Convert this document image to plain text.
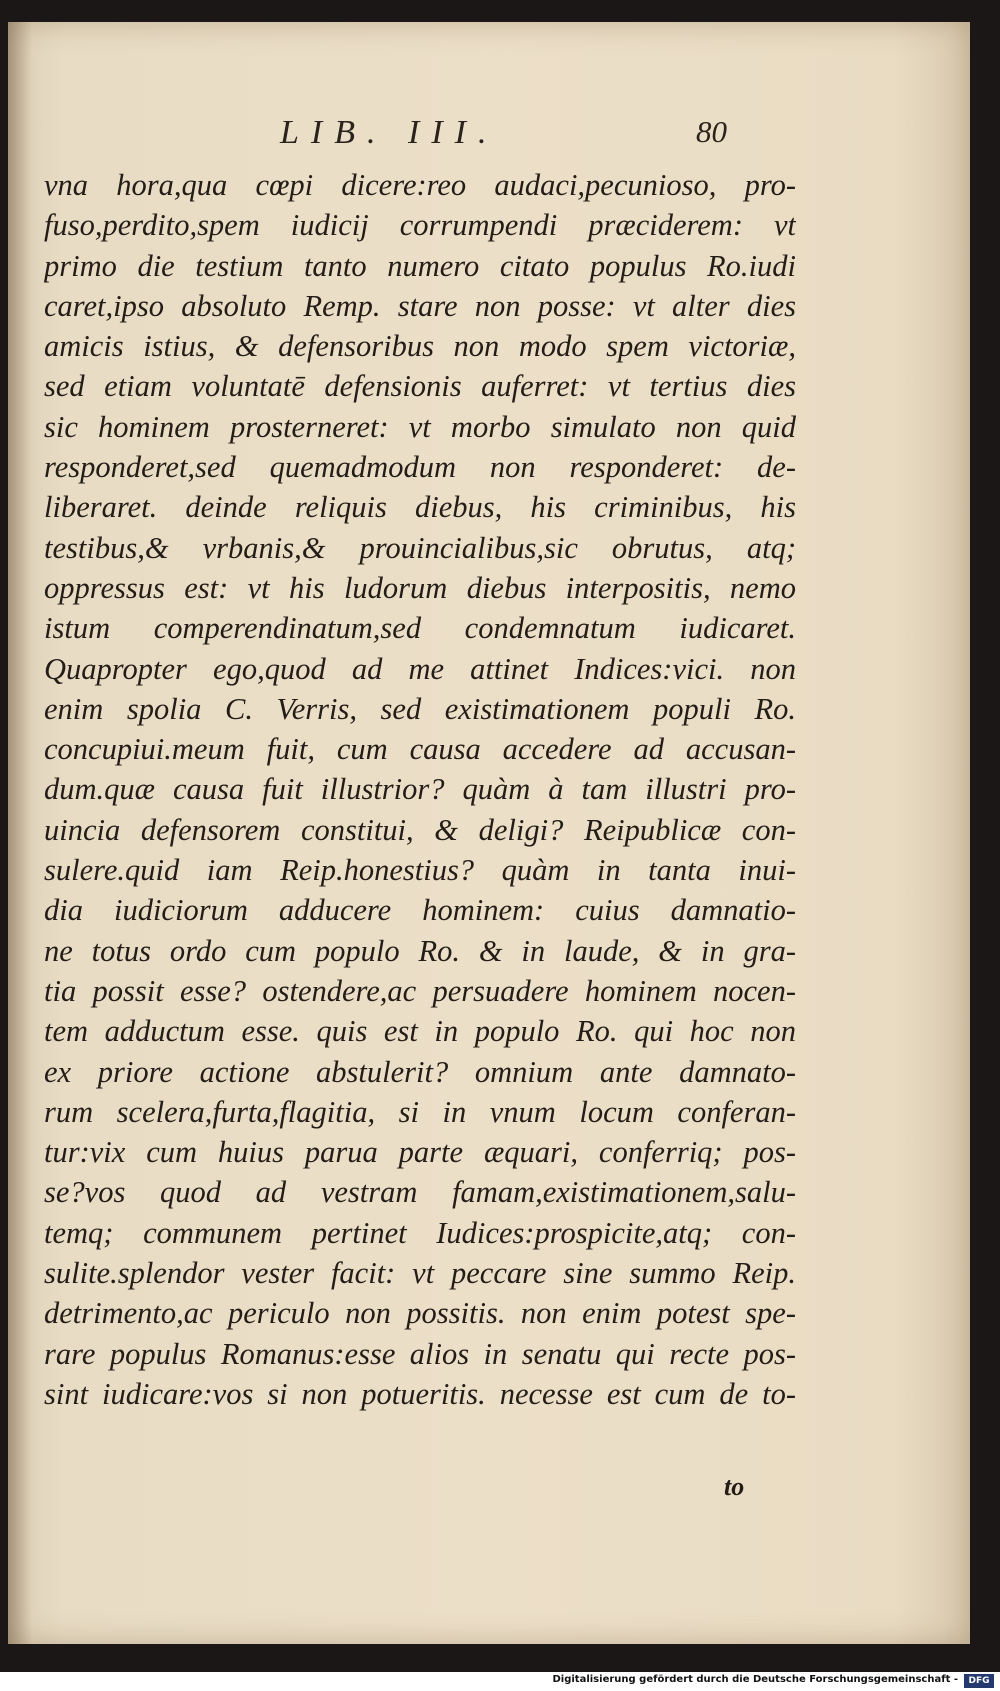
LIB. III.	80
vna hora,qua cœpi dicere:reo audaci,pecunioso, pro-
fuso,perdito,spem iudicij corrumpendi præciderem: vt
primo die testium tanto numero citato populus Ro.iudi
caret,ipso absoluto Remp. stare non posse: vt alter dies
amicis istius, & defensoribus non modo spem victoriæ,
sed etiam voluntatē defensionis auferret: vt tertius dies
sic hominem prosterneret: vt morbo simulato non quid
responderet,sed quemadmodum non responderet: de-
liberaret. deinde reliquis diebus, his criminibus, his
testibus,& vrbanis,& prouincialibus,sic obrutus, atq;
oppressus est: vt his ludorum diebus interpositis, nemo
istum comperendinatum,sed condemnatum iudicaret.
Quapropter ego,quod ad me attinet Indices:vici. non
enim spolia C. Verris, sed existimationem populi Ro.
concupiui.meum fuit, cum causa accedere ad accusan-
dum.quæ causa fuit illustrior? quàm à tam illustri pro-
uincia defensorem constitui, & deligi? Reipublicæ con-
sulere.quid iam Reip.honestius? quàm in tanta inui-
dia iudiciorum adducere hominem: cuius damnatio-
ne totus ordo cum populo Ro. & in laude, & in gra-
tia possit esse? ostendere,ac persuadere hominem nocen-
tem adductum esse. quis est in populo Ro. qui hoc non
ex priore actione abstulerit? omnium ante damnato-
rum scelera,furta,flagitia, si in vnum locum conferan-
tur:vix cum huius parua parte æquari, conferriq; pos-
se?vos quod ad vestram famam,existimationem,salu-
temq; communem pertinet Iudices:prospicite,atq; con-
sulite.splendor vester facit: vt peccare sine summo Reip.
detrimento,ac periculo non possitis. non enim potest spe-
rare populus Romanus:esse alios in senatu qui recte pos-
sint iudicare:vos si non potueritis. necesse est cum de to-
to
Digitalisierung gefördert durch die Deutsche Forschungsgemeinschaft -	DFG
